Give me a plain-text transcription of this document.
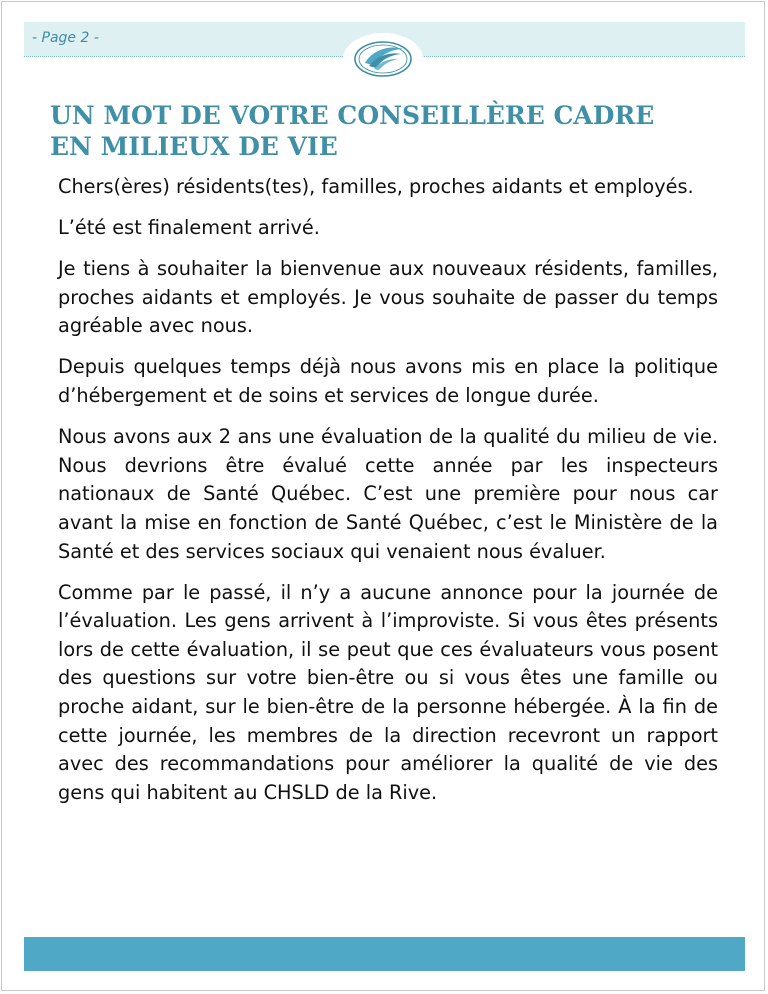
- Page 2 -
UN MOT DE VOTRE CONSEILLÈRE CADRE
EN MILIEUX DE VIE

Chers(ères) résidents(tes), familles, proches aidants et employés.

L’été est finalement arrivé.

Je tiens à souhaiter la bienvenue aux nouveaux résidents, familles, proches aidants et employés. Je vous souhaite de passer du temps agréable avec nous.

Depuis quelques temps déjà nous avons mis en place la politique d’hébergement et de soins et services de longue durée.

Nous avons aux 2 ans une évaluation de la qualité du milieu de vie. Nous devrions être évalué cette année par les inspecteurs nationaux de Santé Québec. C’est une première pour nous car avant la mise en fonction de Santé Québec, c’est le Ministère de la Santé et des services sociaux qui venaient nous évaluer.

Comme par le passé, il n’y a aucune annonce pour la journée de l’évaluation. Les gens arrivent à l’improviste. Si vous êtes présents lors de cette évaluation, il se peut que ces évaluateurs vous posent des questions sur votre bien-être ou si vous êtes une famille ou proche aidant, sur le bien-être de la personne hébergée. À la fin de cette journée, les membres de la direction recevront un rapport avec des recommandations pour améliorer la qualité de vie des gens qui habitent au CHSLD de la Rive.
